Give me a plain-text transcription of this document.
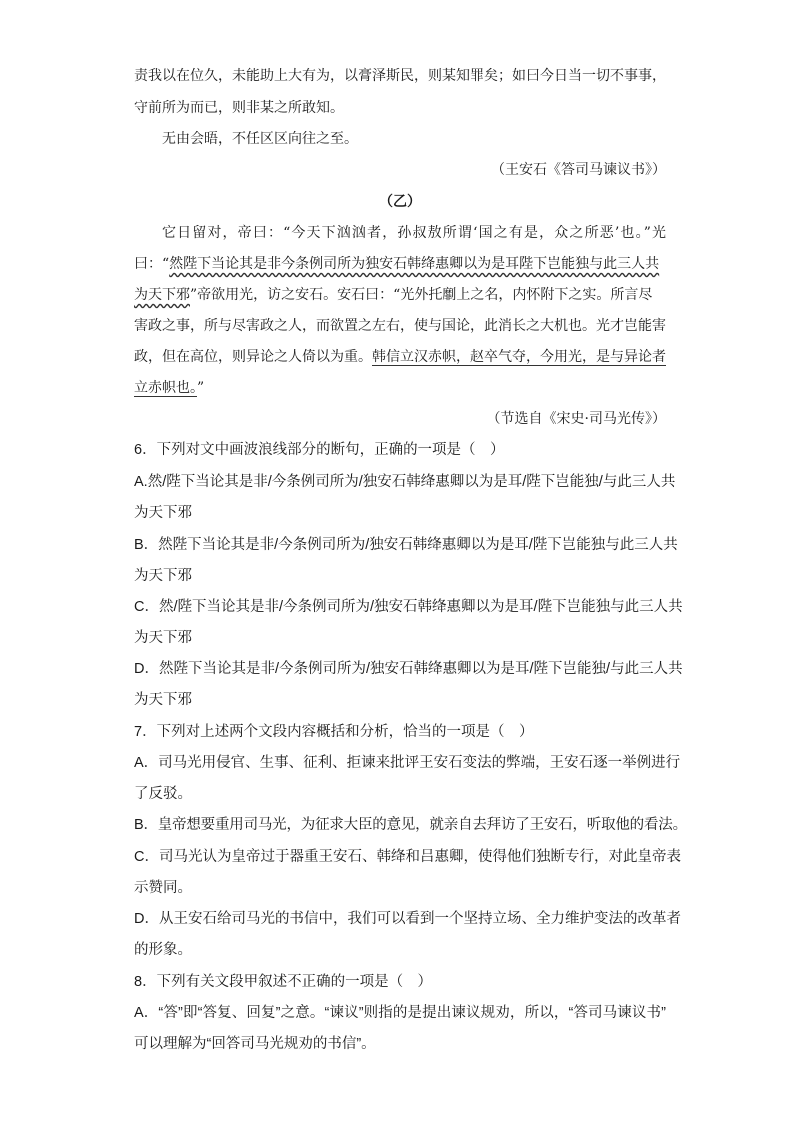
责我以在位久，未能助上大有为，以膏泽斯民，则某知罪矣；如曰今日当一切不事事，
守前所为而已，则非某之所敢知。
无由会晤，不任区区向往之至。
（王安石《答司马谏议书》）
（乙）
它日留对，帝曰：“今天下汹汹者，孙叔敖所谓‘国之有是，众之所恶’也。”光
曰：“然陛下当论其是非今条例司所为独安石韩绛惠卿以为是耳陛下岂能独与此三人共
为天下邪”帝欲用光，访之安石。安石曰：“光外托劘上之名，内怀附下之实。所言尽
害政之事，所与尽害政之人，而欲置之左右，使与国论，此消长之大机也。光才岂能害
政，但在高位，则异论之人倚以为重。韩信立汉赤帜，赵卒气夺，今用光，是与异论者
立赤帜也。”
（节选自《宋史·司马光传》）
6．下列对文中画波浪线部分的断句，正确的一项是（　）
A.然/陛下当论其是非/今条例司所为/独安石韩绛惠卿以为是耳/陛下岂能独/与此三人共
为天下邪
B．然陛下当论其是非/今条例司所为/独安石韩绛惠卿以为是耳/陛下岂能独与此三人共
为天下邪
C．然/陛下当论其是非/今条例司所为/独安石韩绛惠卿以为是耳/陛下岂能独与此三人共
为天下邪
D．然陛下当论其是非/今条例司所为/独安石韩绛惠卿以为是耳/陛下岂能独/与此三人共
为天下邪
7．下列对上述两个文段内容概括和分析，恰当的一项是（　）
A．司马光用侵官、生事、征利、拒谏来批评王安石变法的弊端，王安石逐一举例进行
了反驳。
B．皇帝想要重用司马光，为征求大臣的意见，就亲自去拜访了王安石，听取他的看法。
C．司马光认为皇帝过于器重王安石、韩绛和吕惠卿，使得他们独断专行，对此皇帝表
示赞同。
D．从王安石给司马光的书信中，我们可以看到一个坚持立场、全力维护变法的改革者
的形象。
8．下列有关文段甲叙述不正确的一项是（　）
A．“答”即“答复、回复”之意。“谏议”则指的是提出谏议规劝，所以，“答司马谏议书”
可以理解为“回答司马光规劝的书信”。
